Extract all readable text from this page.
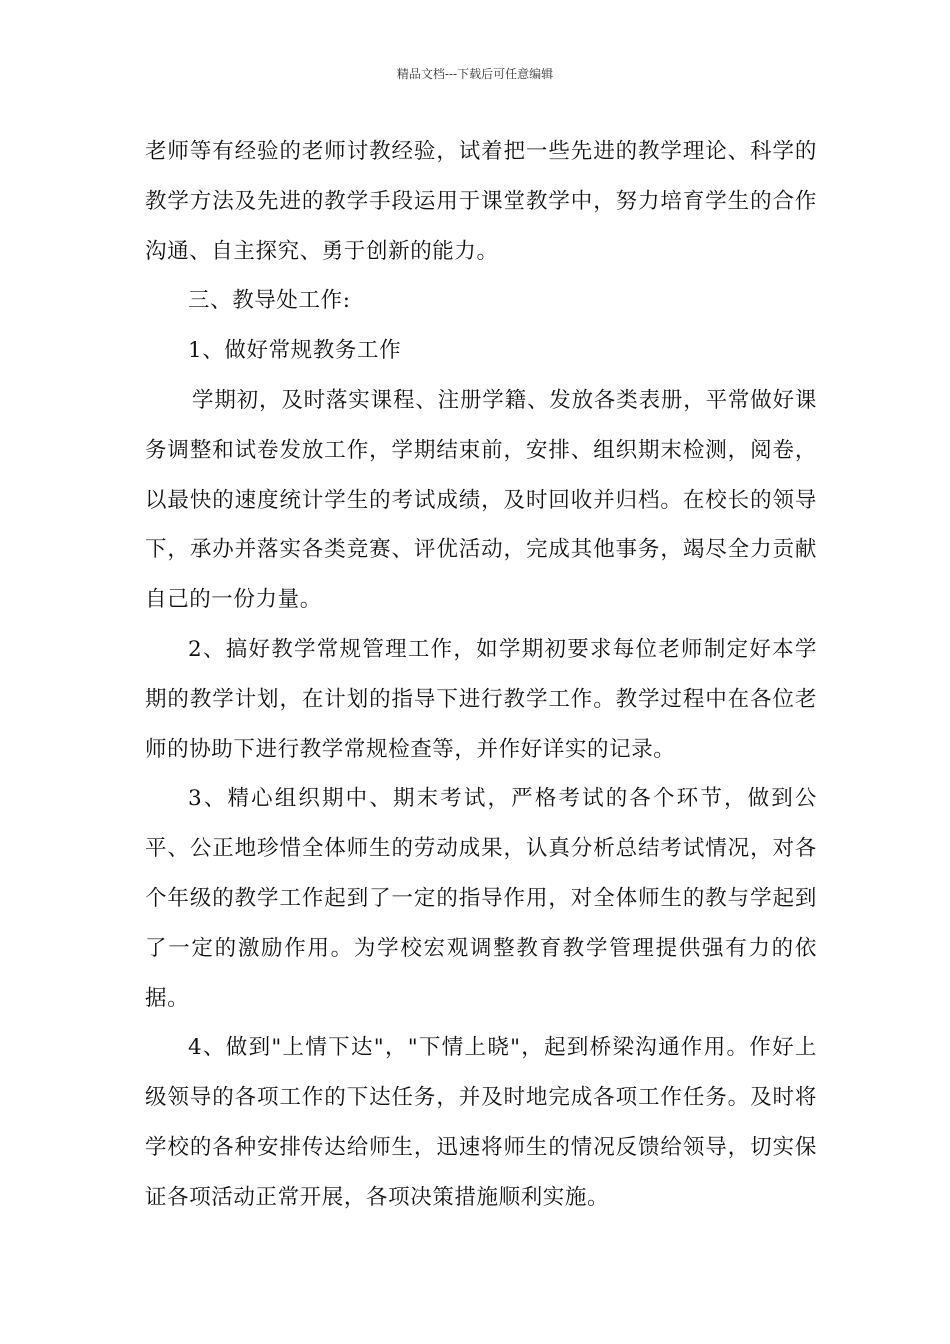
精品文档---下载后可任意编辑

老师等有经验的老师讨教经验，试着把一些先进的教学理论、科学的教学方法及先进的教学手段运用于课堂教学中，努力培育学生的合作沟通、自主探究、勇于创新的能力。

三、教导处工作:

1、做好常规教务工作

学期初，及时落实课程、注册学籍、发放各类表册，平常做好课务调整和试卷发放工作，学期结束前，安排、组织期末检测，阅卷，以最快的速度统计学生的考试成绩，及时回收并归档。在校长的领导下，承办并落实各类竞赛、评优活动，完成其他事务，竭尽全力贡献自己的一份力量。

2、搞好教学常规管理工作，如学期初要求每位老师制定好本学期的教学计划，在计划的指导下进行教学工作。教学过程中在各位老师的协助下进行教学常规检查等，并作好详实的记录。

3、精心组织期中、期末考试，严格考试的各个环节，做到公平、公正地珍惜全体师生的劳动成果，认真分析总结考试情况，对各个年级的教学工作起到了一定的指导作用，对全体师生的教与学起到了一定的激励作用。为学校宏观调整教育教学管理提供强有力的依据。

4、做到"上情下达"，"下情上晓"，起到桥梁沟通作用。作好上级领导的各项工作的下达任务，并及时地完成各项工作任务。及时将学校的各种安排传达给师生，迅速将师生的情况反馈给领导，切实保证各项活动正常开展，各项决策措施顺利实施。
